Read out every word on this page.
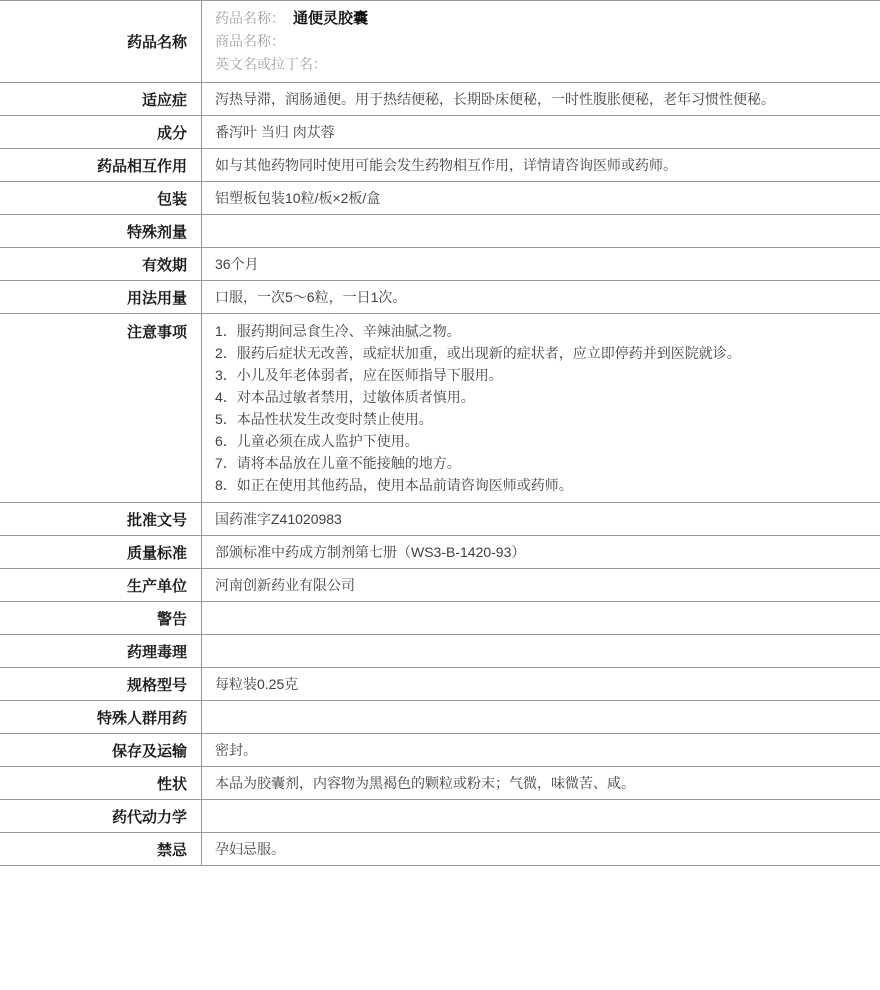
药品名称
药品名称： 通便灵胶囊
商品名称：
英文名或拉丁名：
适应症	泻热导滞，润肠通便。用于热结便秘，长期卧床便秘，一时性腹胀便秘，老年习惯性便秘。
成分	番泻叶 当归 肉苁蓉
药品相互作用	如与其他药物同时使用可能会发生药物相互作用，详情请咨询医师或药师。
包装	铝塑板包装10粒/板×2板/盒
特殊剂量
有效期	36个月
用法用量	口服，一次5～6粒，一日1次。
注意事项	1．服药期间忌食生冷、辛辣油腻之物。
2．服药后症状无改善，或症状加重，或出现新的症状者，应立即停药并到医院就诊。
3．小儿及年老体弱者，应在医师指导下服用。
4．对本品过敏者禁用，过敏体质者慎用。
5．本品性状发生改变时禁止使用。
6．儿童必须在成人监护下使用。
7．请将本品放在儿童不能接触的地方。
8．如正在使用其他药品，使用本品前请咨询医师或药师。
批准文号	国药准字Z41020983
质量标准	部颁标准中药成方制剂第七册（WS3-B-1420-93）
生产单位	河南创新药业有限公司
警告
药理毒理
规格型号	每粒装0.25克
特殊人群用药
保存及运输	密封。
性状	本品为胶囊剂，内容物为黑褐色的颗粒或粉末；气微，味微苦、咸。
药代动力学
禁忌	孕妇忌服。
